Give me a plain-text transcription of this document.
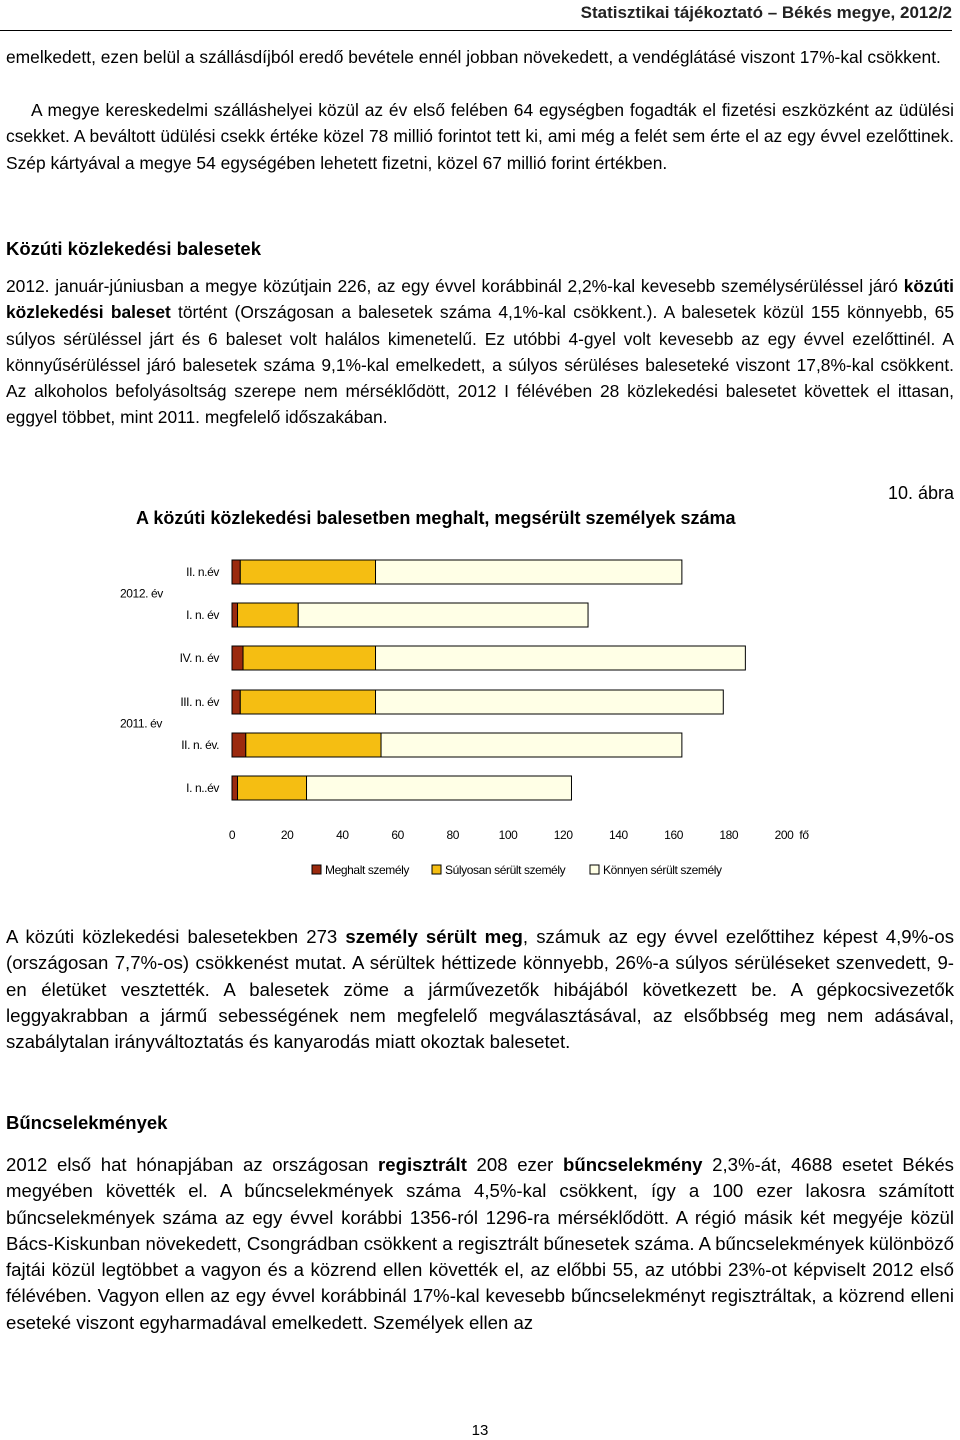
Statisztikai tájékoztató – Békés megye, 2012/2

emelkedett, ezen belül a szállásdíjból eredő bevétele ennél jobban növekedett, a vendéglátásé viszont 17%-kal csökkent.

A megye kereskedelmi szálláshelyei közül az év első felében 64 egységben fogadták el fizetési eszközként az üdülési csekket. A beváltott üdülési csekk értéke közel 78 millió forintot tett ki, ami még a felét sem érte el az egy évvel ezelőttinek. Szép kártyával a megye 54 egységében lehetett fizetni, közel 67 millió forint értékben.

Közúti közlekedési balesetek

2012. január-júniusban a megye közútjain 226, az egy évvel korábbinál 2,2%-kal kevesebb személysérüléssel járó közúti közlekedési baleset történt (Országosan a balesetek száma 4,1%-kal csökkent.). A balesetek közül 155 könnyebb, 65 súlyos sérüléssel járt és 6 baleset volt halálos kimenetelű. Ez utóbbi 4-gyel volt kevesebb az egy évvel ezelőttinél. A könnyűsérüléssel járó balesetek száma 9,1%-kal emelkedett, a súlyos sérüléses baleseteké viszont 17,8%-kal csökkent. Az alkoholos befolyásoltság szerepe nem mérséklődött, 2012 I félévében 28 közlekedési balesetet követtek el ittasan, eggyel többet, mint 2011. megfelelő időszakában.

10. ábra
A közúti közlekedési balesetben meghalt, megsérült személyek száma
II. n.év
I. n. év
IV. n. év
III. n. év
II. n. év.
I. n..év
2012. év
2011. év
0	20	40	60	80	100	120	140	160	180	200 fő
Meghalt személy	Súlyosan sérült személy	Könnyen sérült személy

A közúti közlekedési balesetekben 273 személy sérült meg, számuk az egy évvel ezelőttihez képest 4,9%-os (országosan 7,7%-os) csökkenést mutat. A sérültek héttizede könnyebb, 26%-a súlyos sérüléseket szenvedett, 9-en életüket vesztették. A balesetek zöme a járművezetők hibájából következett be. A gépkocsivezetők leggyakrabban a jármű sebességének nem megfelelő megválasztásával, az elsőbbség meg nem adásával, szabálytalan irányváltoztatás és kanyarodás miatt okoztak balesetet.

Bűncselekmények

2012 első hat hónapjában az országosan regisztrált 208 ezer bűncselekmény 2,3%-át, 4688 esetet Békés megyében követték el. A bűncselekmények száma 4,5%-kal csökkent, így a 100 ezer lakosra számított bűncselekmények száma az egy évvel korábbi 1356-ról 1296-ra mérséklődött. A régió másik két megyéje közül Bács-Kiskunban növekedett, Csongrádban csökkent a regisztrált bűnesetek száma. A bűncselekmények különböző fajtái közül legtöbbet a vagyon és a közrend ellen követték el, az előbbi 55, az utóbbi 23%-ot képviselt 2012 első félévében. Vagyon ellen az egy évvel korábbinál 17%-kal kevesebb bűncselekményt regisztráltak, a közrend elleni eseteké viszont egyharmadával emelkedett. Személyek ellen az

13
